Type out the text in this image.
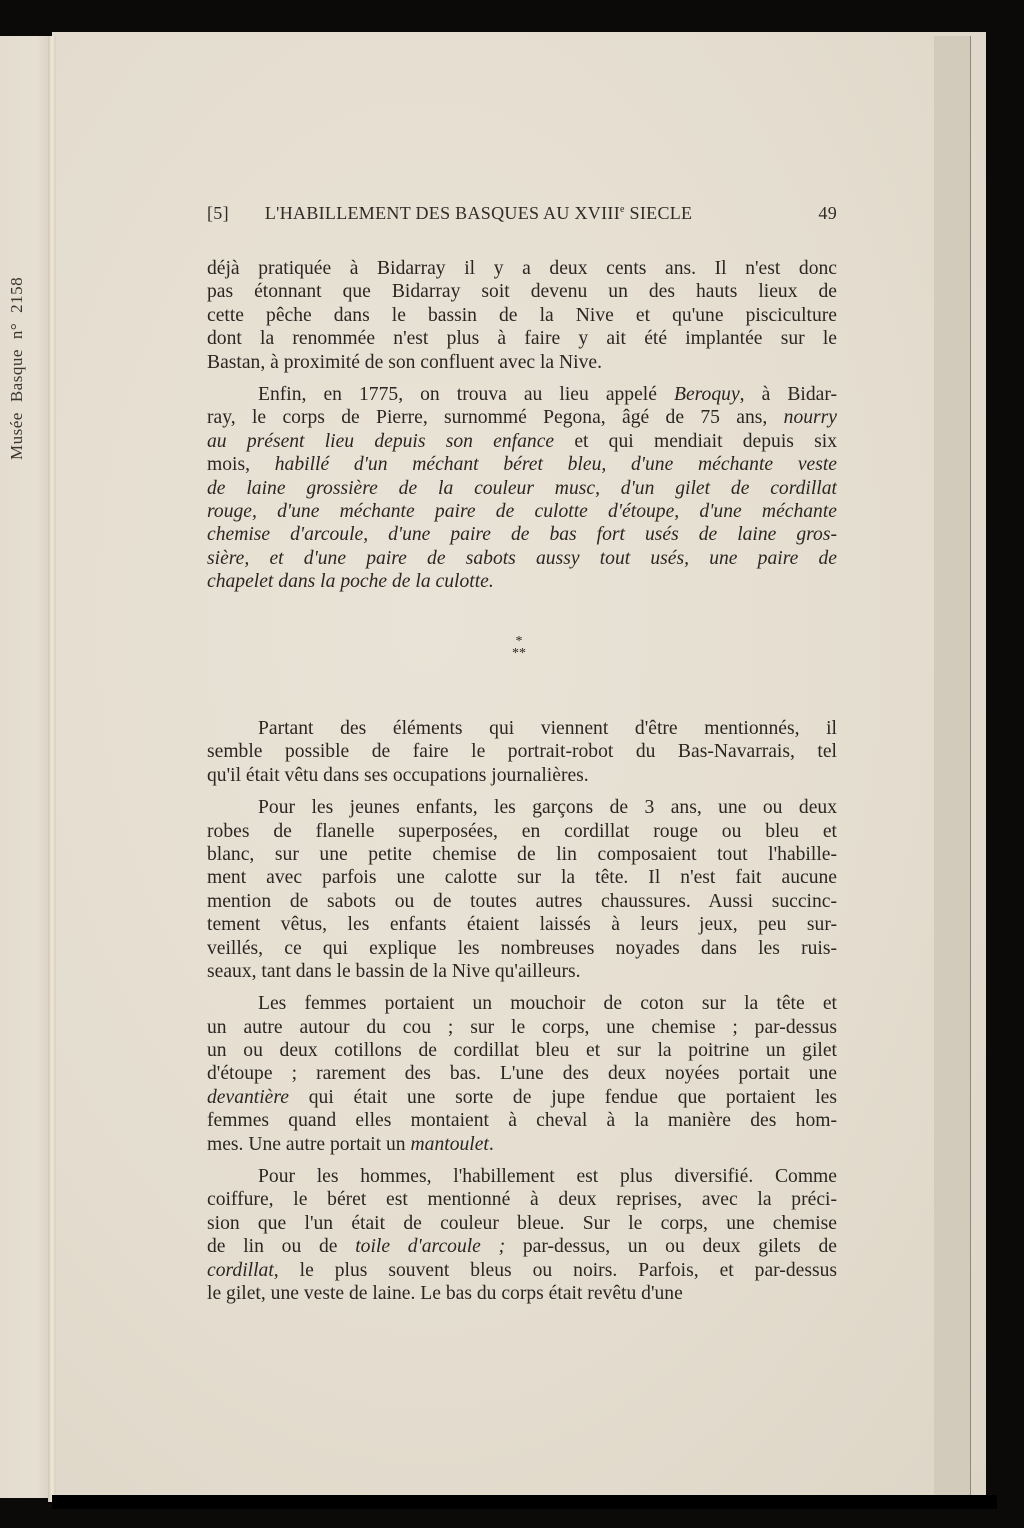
MuséeBasquen°2158
[5] L'HABILLEMENT DES BASQUES AU XVIIIe SIECLE	49

déjà pratiquée à Bidarray il y a deux cents ans. Il n'est donc
pas étonnant que Bidarray soit devenu un des hauts lieux de
cette pêche dans le bassin de la Nive et qu'une pisciculture
dont la renommée n'est plus à faire y ait été implantée sur le
Bastan, à proximité de son confluent avec la Nive.

Enfin, en 1775, on trouva au lieu appelé Beroquy, à Bidar-
ray, le corps de Pierre, surnommé Pegona, âgé de 75 ans, nourry
au présent lieu depuis son enfance et qui mendiait depuis six
mois, habillé d'un méchant béret bleu, d'une méchante veste
de laine grossière de la couleur musc, d'un gilet de cordillat
rouge, d'une méchante paire de culotte d'étoupe, d'une méchante
chemise d'arcoule, d'une paire de bas fort usés de laine gros-
sière, et d'une paire de sabots aussy tout usés, une paire de
chapelet dans la poche de la culotte.

*
**

Partant des éléments qui viennent d'être mentionnés, il
semble possible de faire le portrait-robot du Bas-Navarrais, tel
qu'il était vêtu dans ses occupations journalières.

Pour les jeunes enfants, les garçons de 3 ans, une ou deux
robes de flanelle superposées, en cordillat rouge ou bleu et
blanc, sur une petite chemise de lin composaient tout l'habille-
ment avec parfois une calotte sur la tête. Il n'est fait aucune
mention de sabots ou de toutes autres chaussures. Aussi succinc-
tement vêtus, les enfants étaient laissés à leurs jeux, peu sur-
veillés, ce qui explique les nombreuses noyades dans les ruis-
seaux, tant dans le bassin de la Nive qu'ailleurs.

Les femmes portaient un mouchoir de coton sur la tête et
un autre autour du cou ; sur le corps, une chemise ; par-dessus
un ou deux cotillons de cordillat bleu et sur la poitrine un gilet
d'étoupe ; rarement des bas. L'une des deux noyées portait une
devantière qui était une sorte de jupe fendue que portaient les
femmes quand elles montaient à cheval à la manière des hom-
mes. Une autre portait un mantoulet.

Pour les hommes, l'habillement est plus diversifié. Comme
coiffure, le béret est mentionné à deux reprises, avec la préci-
sion que l'un était de couleur bleue. Sur le corps, une chemise
de lin ou de toile d'arcoule ; par-dessus, un ou deux gilets de
cordillat, le plus souvent bleus ou noirs. Parfois, et par-dessus
le gilet, une veste de laine. Le bas du corps était revêtu d'une
